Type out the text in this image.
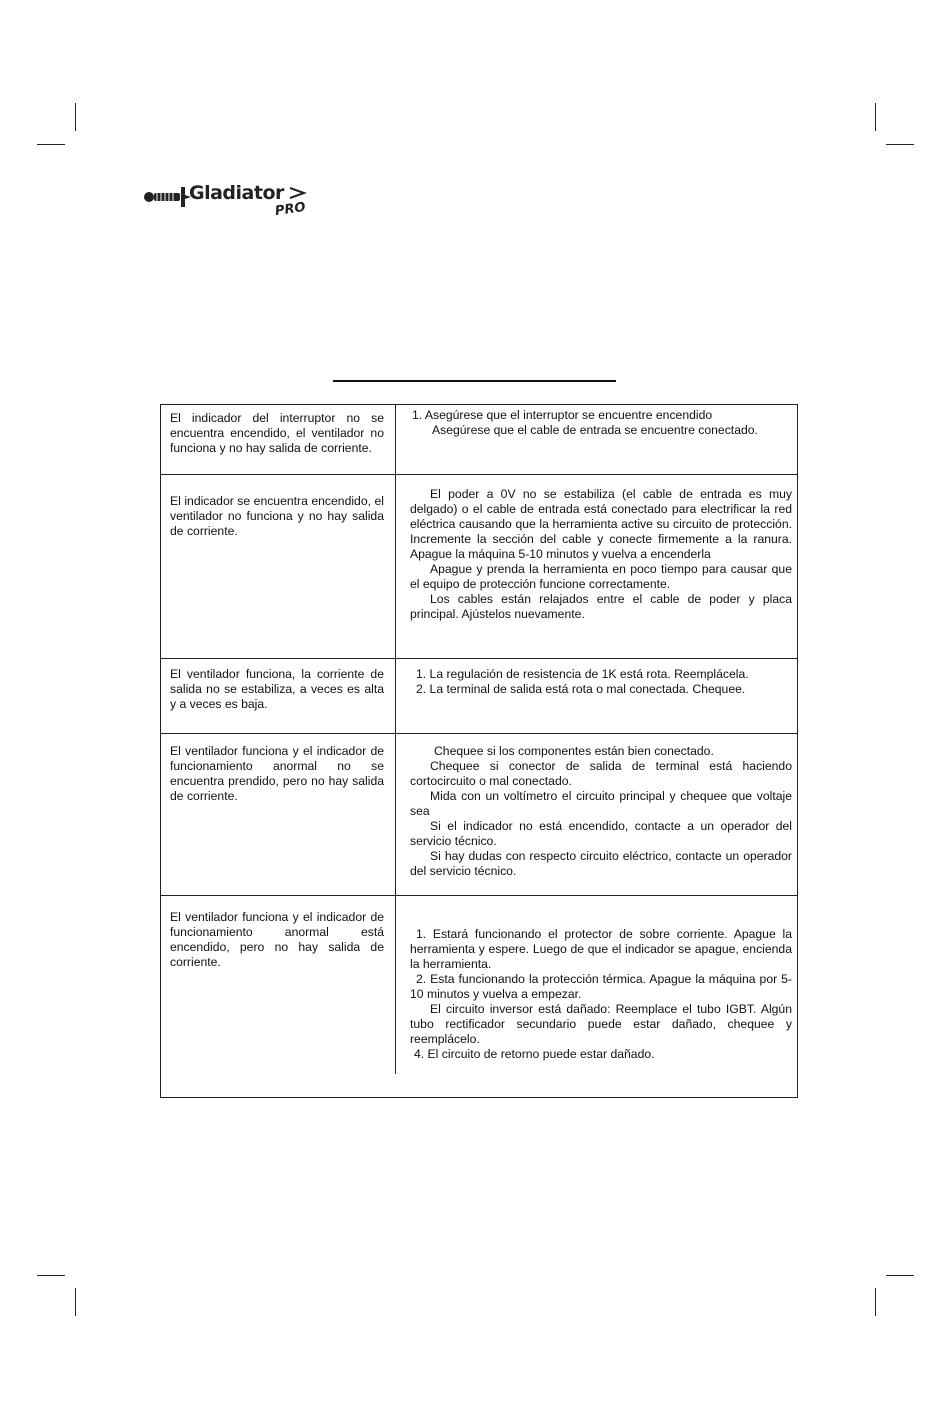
Gladiator
PRO
El indicador del interruptor no se encuentra encendido, el ventilador no funciona y no hay salida de corriente.

1. Asegúrese que el interruptor se encuentre encendido

Asegúrese que el cable de entrada se encuentre conectado.

El indicador se encuentra encendido, el ventilador no funciona y no hay salida de corriente.

El poder a 0V no se estabiliza (el cable de entrada es muy delgado) o el cable de entrada está conectado para electrificar la red eléctrica causando que la herramienta active su circuito de protección. Incremente la sección del cable y conecte firmemente a la ranura. Apague la máquina 5-10 minutos y vuelva a encenderla

Apague y prenda la herramienta en poco tiempo para causar que el equipo de protección funcione correctamente.

Los cables están relajados entre el cable de poder y placa principal. Ajústelos nuevamente.

El ventilador funciona, la corriente de salida no se estabiliza, a veces es alta y a veces es baja.

1. La regulación de resistencia de 1K está rota. Reemplácela.

2. La terminal de salida está rota o mal conectada. Chequee.

El ventilador funciona y el indicador de funcionamiento anormal no se encuentra prendido, pero no hay salida de corriente.

Chequee si los componentes están bien conectado.

Chequee si conector de salida de terminal está haciendo cortocircuito o mal conectado.

Mida con un voltímetro el circuito principal y chequee que voltaje sea

Si el indicador no está encendido, contacte a un operador del servicio técnico.

Si hay dudas con respecto circuito eléctrico, contacte un operador del servicio técnico.

El ventilador funciona y el indicador de funcionamiento anormal está encendido, pero no hay salida de corriente.

1. Estará funcionando el protector de sobre corriente. Apague la herramienta y espere. Luego de que el indicador se apague, encienda la herramienta.

2. Esta funcionando la protección térmica. Apague la máquina por 5-10 minutos y vuelva a empezar.

El circuito inversor está dañado: Reemplace el tubo IGBT. Algún tubo rectificador secundario puede estar dañado, chequee y reemplácelo.

4. El circuito de retorno puede estar dañado.
